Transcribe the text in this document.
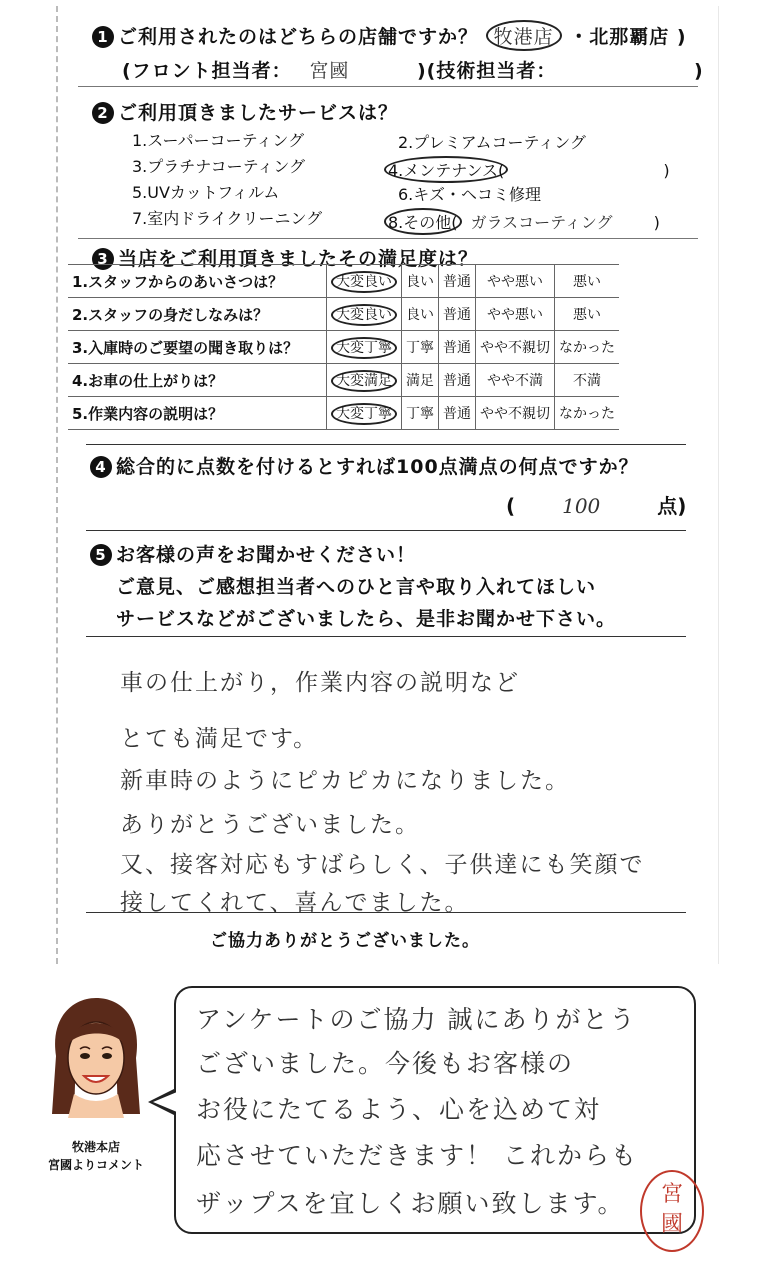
1 ご利用されたのはどちらの店舗ですか？ 牧港店 ・北那覇店 )
(フロント担当者： 宮國	)(技術担当者：	)
2 ご利用頂きましたサービスは？
1.スーパーコーティング	2.プレミアムコーティング
3.プラチナコーティング	4.メンテナンス(	)
5.UVカットフィルム	6.キズ・ヘコミ修理
7.室内ドライクリーニング	8.その他( ガラスコーティング	)
3 当店をご利用頂きましたその満足度は？
1.スタッフからのあいさつは？	大変良い	良い	普通	やや悪い	悪い
2.スタッフの身だしなみは？	大変良い	良い	普通	やや悪い	悪い
3.入庫時のご要望の聞き取りは？	大変丁寧	丁寧	普通	やや不親切	なかった
4.お車の仕上がりは？	大変満足	満足	普通	やや不満	不満
5.作業内容の説明は？	大変丁寧	丁寧	普通	やや不親切	なかった
4 総合的に点数を付けるとすれば100点満点の何点ですか？
( 100	点)
5 お客様の声をお聞かせください！
ご意見、ご感想担当者へのひと言や取り入れてほしい
サービスなどがございましたら、是非お聞かせ下さい。
車の仕上がり，作業内容の説明など
とても満足です。
新車時のようにピカピカになりました。
ありがとうございました。
又、接客対応もすばらしく、子供達にも笑顔で
接してくれて、喜んでました。
ご協力ありがとうございました。
牧港本店
宮國よりコメント
アンケートのご協力 誠にありがとう
ございました。今後もお客様の
お役にたてるよう、心を込めて対
応させていただきます！ これからも
ザップスを宜しくお願い致します。	宮國
